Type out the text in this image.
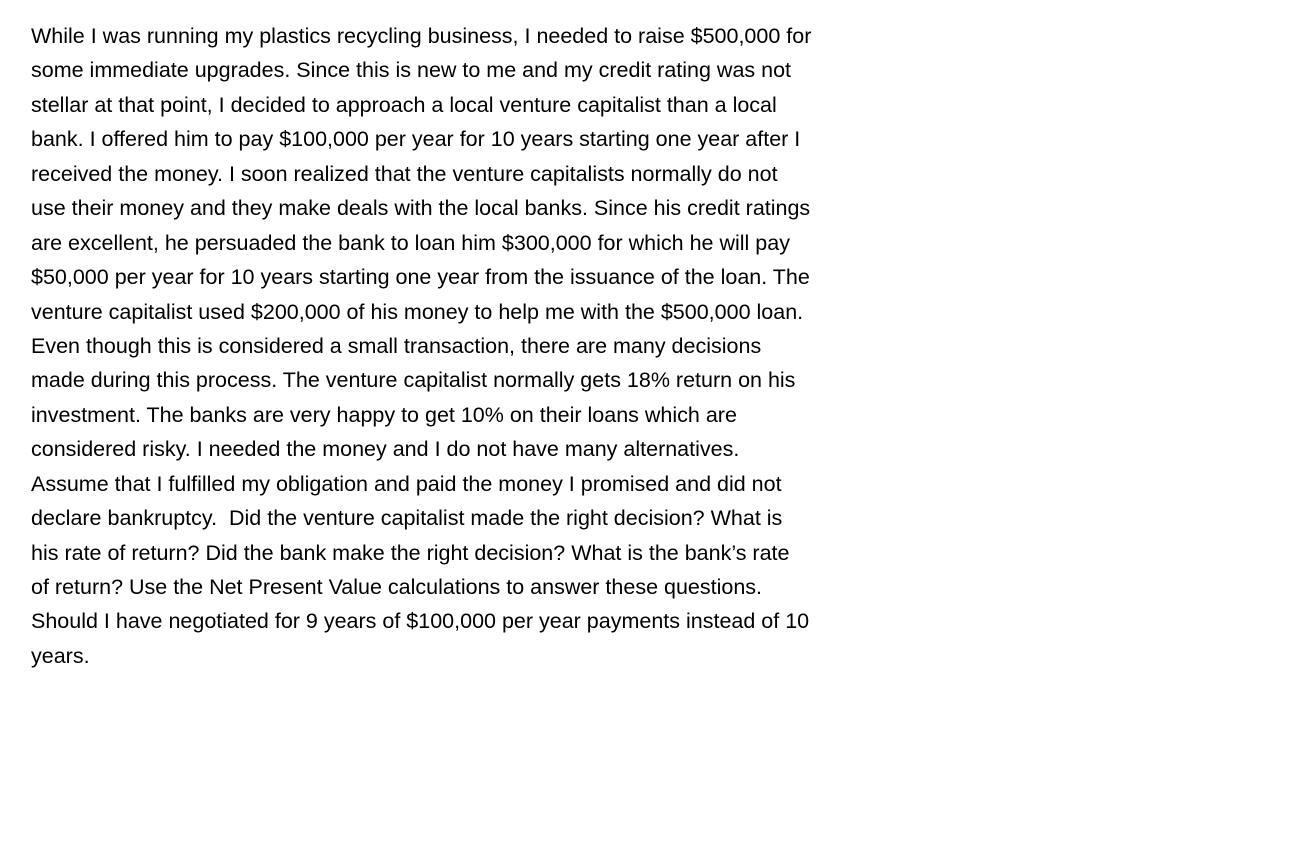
While I was running my plastics recycling business, I needed to raise $500,000 for
some immediate upgrades. Since this is new to me and my credit rating was not
stellar at that point, I decided to approach a local venture capitalist than a local
bank. I offered him to pay $100,000 per year for 10 years starting one year after I
received the money. I soon realized that the venture capitalists normally do not
use their money and they make deals with the local banks. Since his credit ratings
are excellent, he persuaded the bank to loan him $300,000 for which he will pay
$50,000 per year for 10 years starting one year from the issuance of the loan. The
venture capitalist used $200,000 of his money to help me with the $500,000 loan.
Even though this is considered a small transaction, there are many decisions
made during this process. The venture capitalist normally gets 18% return on his
investment. The banks are very happy to get 10% on their loans which are
considered risky. I needed the money and I do not have many alternatives.
Assume that I fulfilled my obligation and paid the money I promised and did not
declare bankruptcy.  Did the venture capitalist made the right decision? What is
his rate of return? Did the bank make the right decision? What is the bank’s rate
of return? Use the Net Present Value calculations to answer these questions.
Should I have negotiated for 9 years of $100,000 per year payments instead of 10
years.
